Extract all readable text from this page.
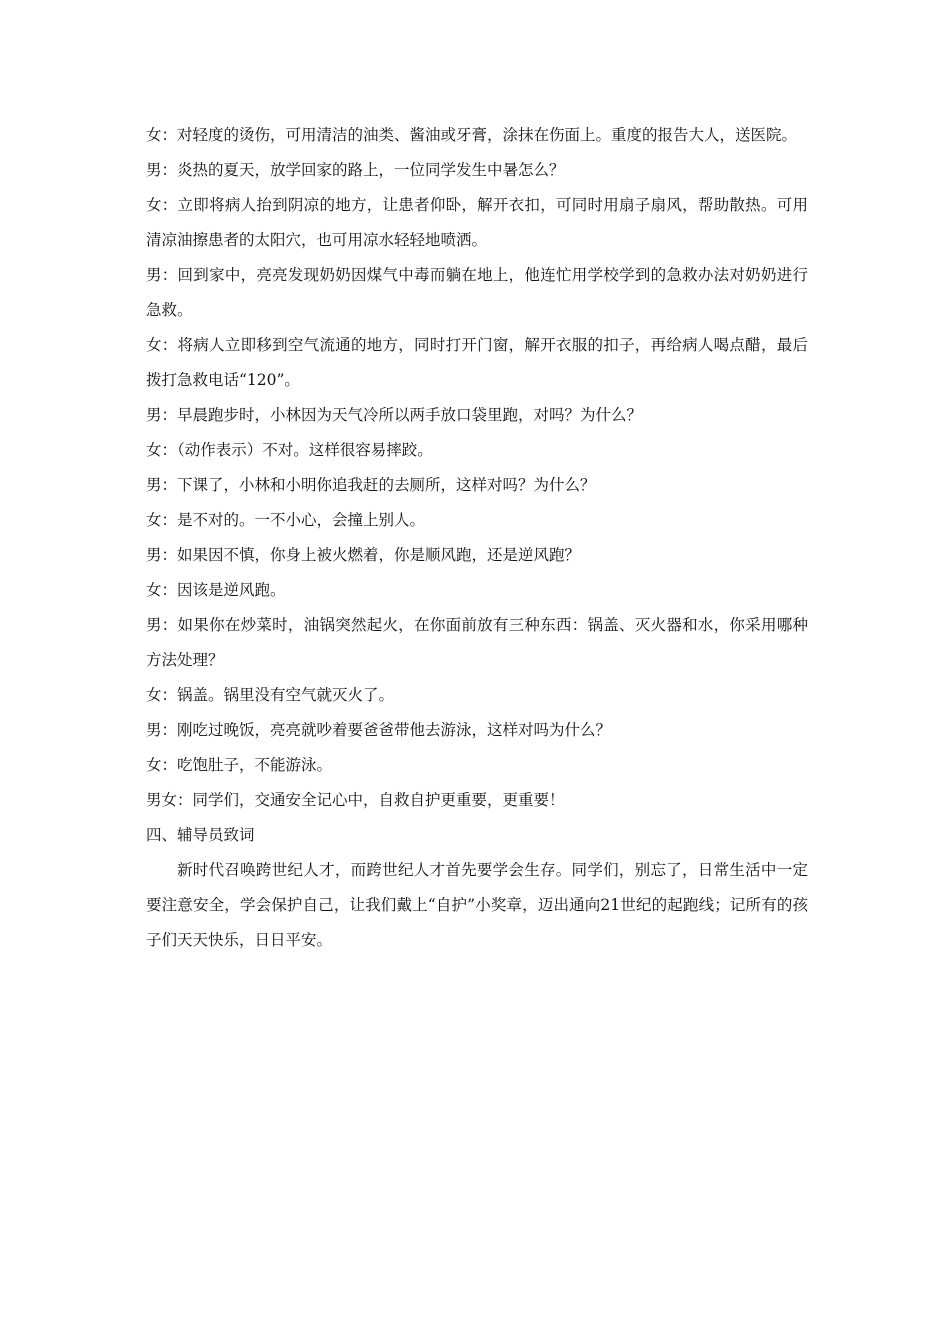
女：对轻度的烫伤，可用清洁的油类、酱油或牙膏，涂抹在伤面上。重度的报告大人，送医院。

男：炎热的夏天，放学回家的路上，一位同学发生中暑怎么？

女：立即将病人抬到阴凉的地方，让患者仰卧，解开衣扣，可同时用扇子扇风，帮助散热。可用清凉油擦患者的太阳穴，也可用凉水轻轻地喷洒。

男：回到家中，亮亮发现奶奶因煤气中毒而躺在地上，他连忙用学校学到的急救办法对奶奶进行急救。

女：将病人立即移到空气流通的地方，同时打开门窗，解开衣服的扣子，再给病人喝点醋，最后拨打急救电话“120”。

男：早晨跑步时，小林因为天气冷所以两手放口袋里跑，对吗？为什么？

女：（动作表示）不对。这样很容易摔跤。

男：下课了，小林和小明你追我赶的去厕所，这样对吗？为什么？

女：是不对的。一不小心，会撞上别人。

男：如果因不慎，你身上被火燃着，你是顺风跑，还是逆风跑？

女：因该是逆风跑。

男：如果你在炒菜时，油锅突然起火，在你面前放有三种东西：锅盖、灭火器和水，你采用哪种方法处理？

女：锅盖。锅里没有空气就灭火了。

男：刚吃过晚饭，亮亮就吵着要爸爸带他去游泳，这样对吗为什么？

女：吃饱肚子，不能游泳。

男女：同学们，交通安全记心中，自救自护更重要，更重要！

四、辅导员致词

新时代召唤跨世纪人才，而跨世纪人才首先要学会生存。同学们，别忘了，日常生活中一定要注意安全，学会保护自己，让我们戴上“自护”小奖章，迈出通向21世纪的起跑线；记所有的孩子们天天快乐，日日平安。
